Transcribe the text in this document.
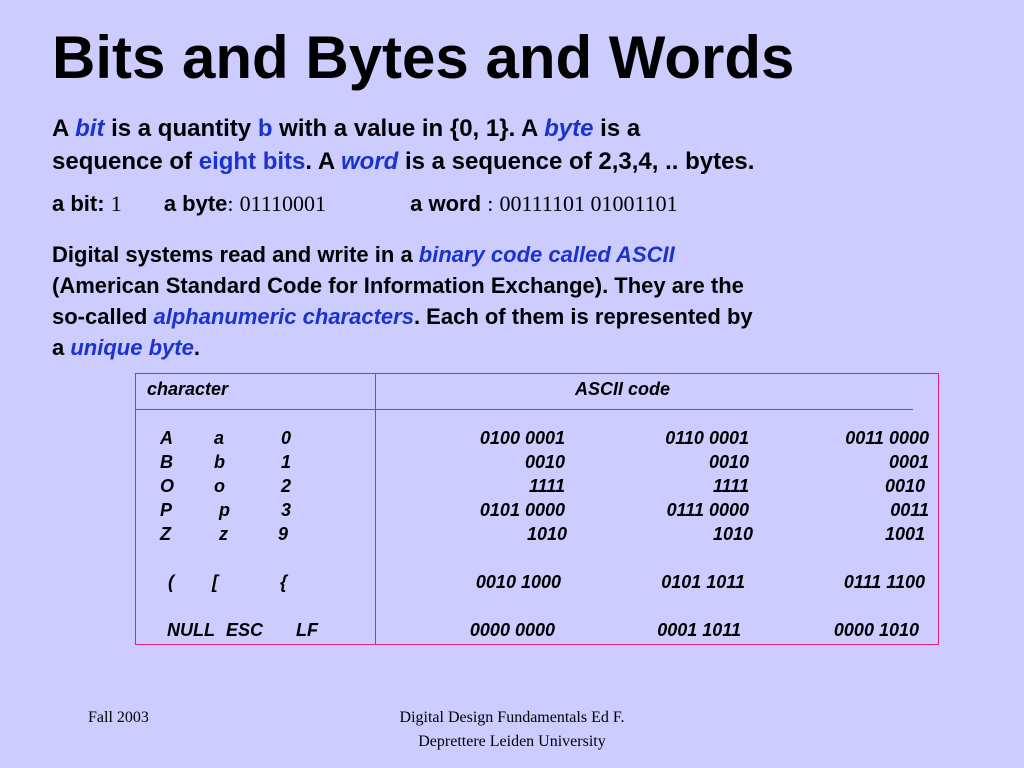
Bits and Bytes and Words
A bit is a quantity b with a value in {0, 1}. A byte is a
sequence of eight bits. A word is a sequence of 2,3,4, .. bytes.
a bit: 1 a byte: 01110001	a word : 00111101 01001101
Digital systems read and write in a binary code called ASCII
(American Standard Code for Information Exchange). They are the
so-called alphanumeric characters. Each of them is represented by
a unique byte.
character	ASCII code
A a	0	0100 0001	0110 0001	0011 0000
B b	1	0010	0010	0001
O o	2	1111	1111	0010
P	p	3	0101 0000	0111 0000	0011
Z	z	9	1010	1010	1001
( [	{	0010 1000	0101 1011	0111 1100
NULL ESC LF	0000 0000	0001 1011	0000 1010
Fall 2003	Digital Design Fundamentals Ed F.
Deprettere Leiden University
